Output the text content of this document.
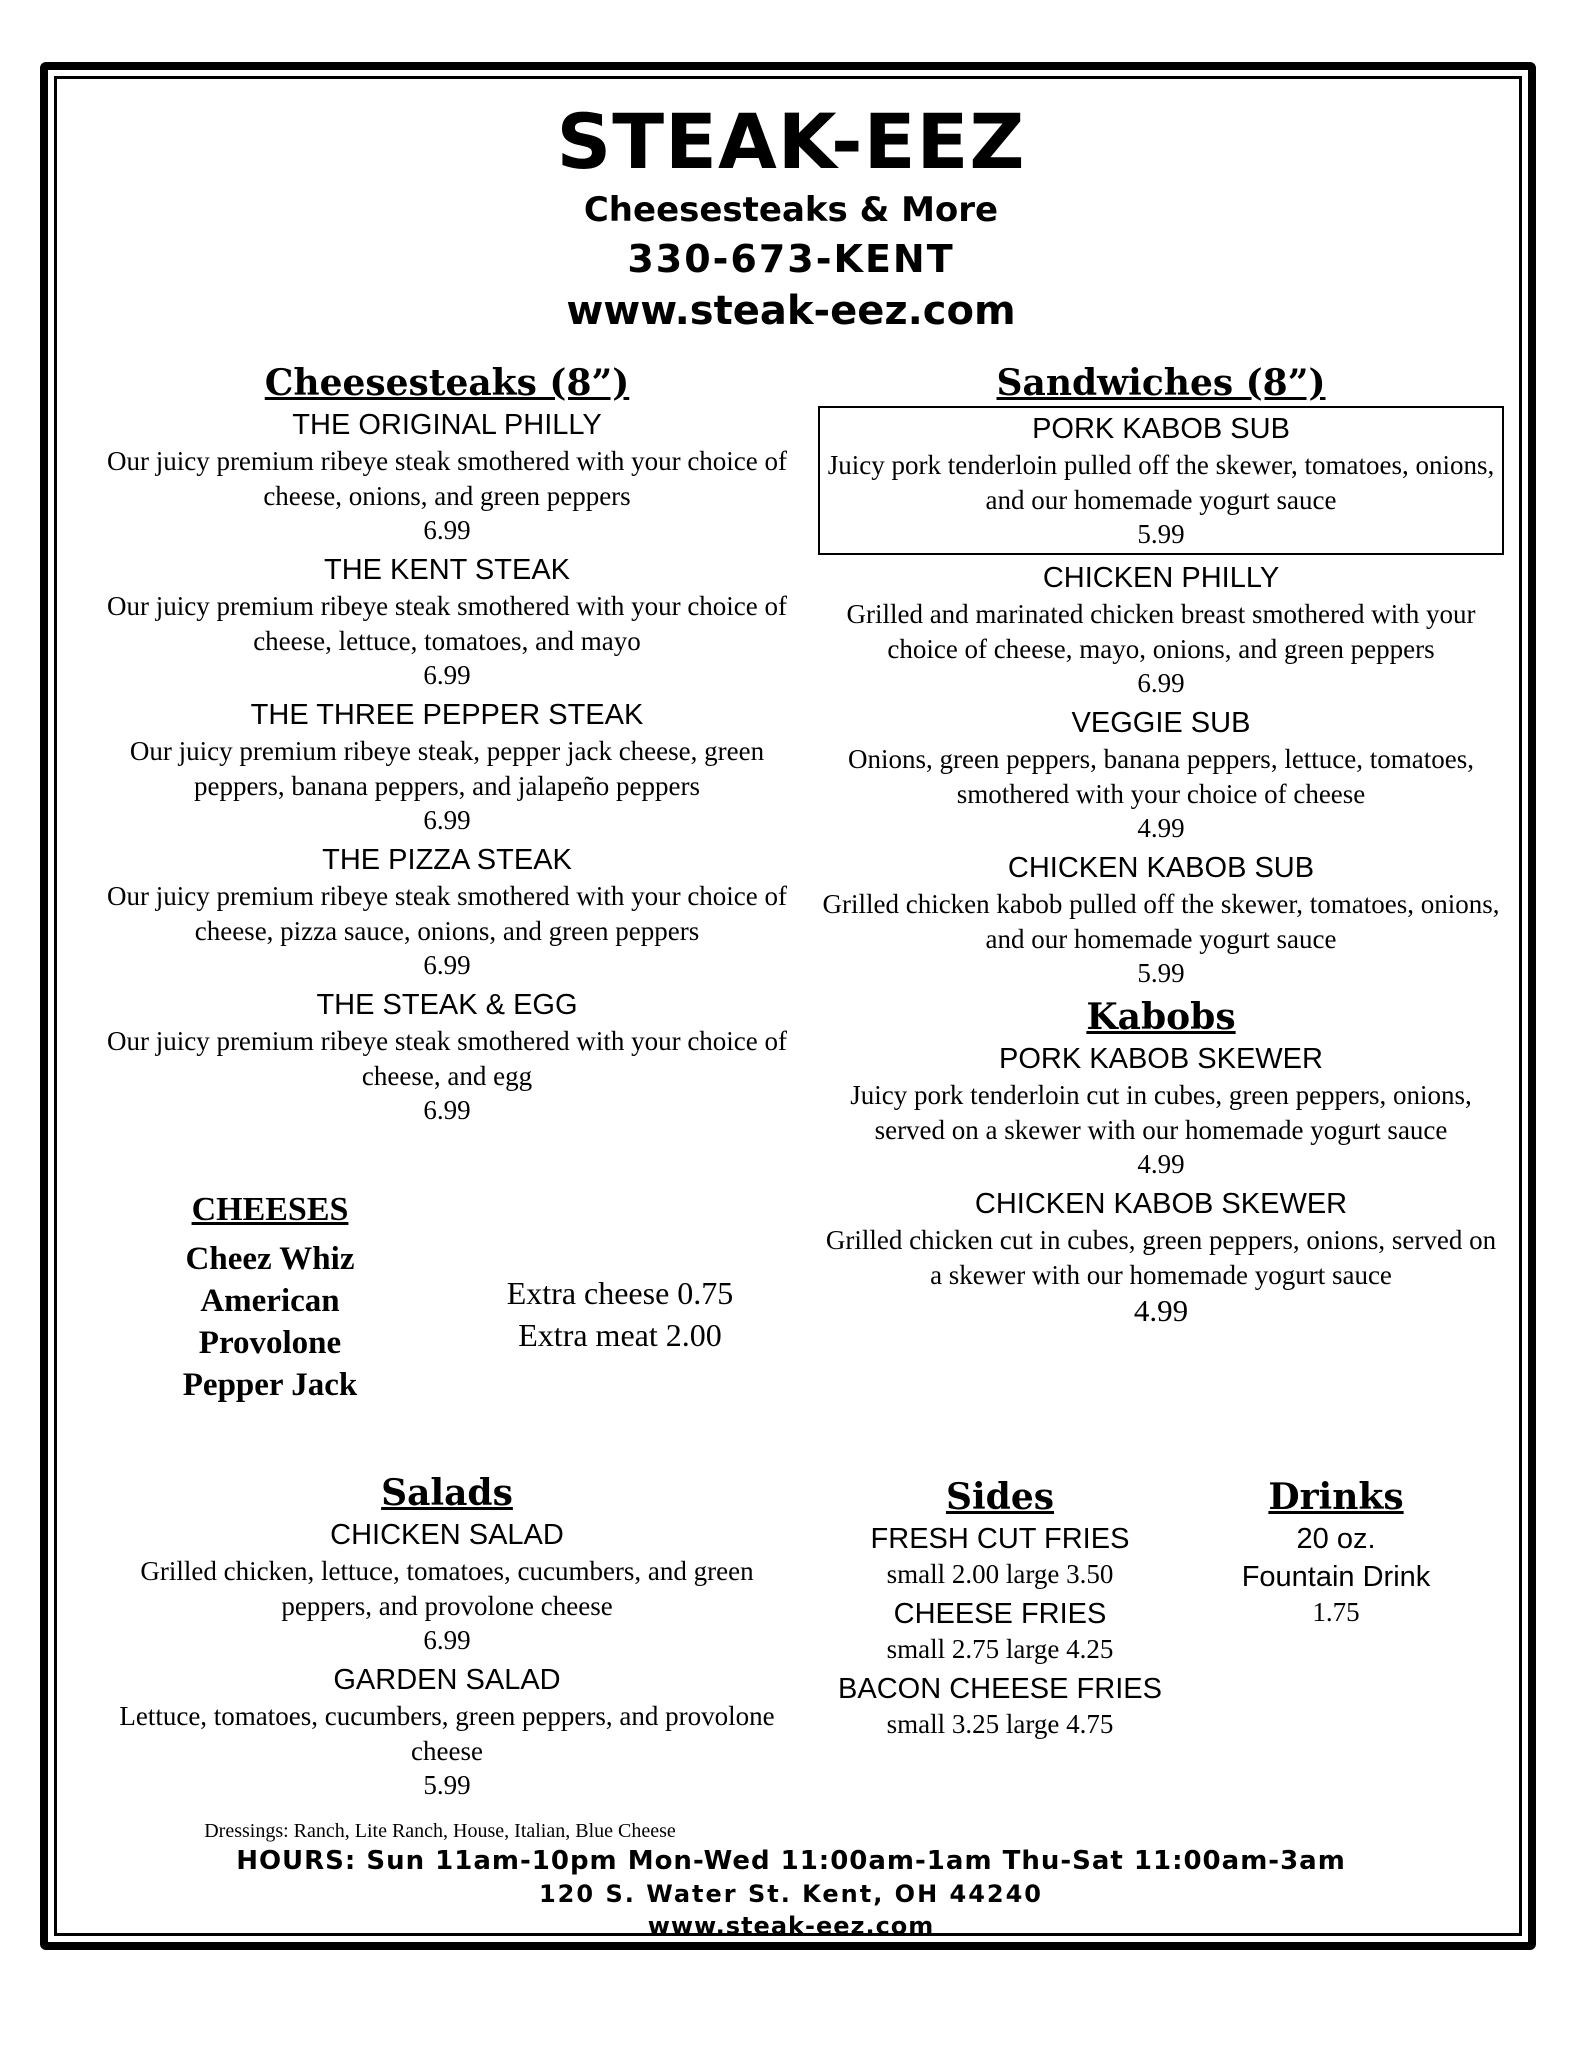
STEAK-EEZ
Cheesesteaks & More
330-673-KENT
www.steak-eez.com
Cheesesteaks (8”)
THE ORIGINAL PHILLY
Our juicy premium ribeye steak smothered with your choice of cheese, onions, and green peppers
6.99
THE KENT STEAK
Our juicy premium ribeye steak smothered with your choice of cheese, lettuce, tomatoes, and mayo
6.99
THE THREE PEPPER STEAK
Our juicy premium ribeye steak, pepper jack cheese, green peppers, banana peppers, and jalapeño peppers
6.99
THE PIZZA STEAK
Our juicy premium ribeye steak smothered with your choice of cheese, pizza sauce, onions, and green peppers
6.99
THE STEAK & EGG
Our juicy premium ribeye steak smothered with your choice of cheese, and egg
6.99
CHEESES
Cheez Whiz
American
Provolone
Pepper Jack
Extra cheese 0.75
Extra meat 2.00
Sandwiches (8”)
PORK KABOB SUB
Juicy pork tenderloin pulled off the skewer, tomatoes, onions, and our homemade yogurt sauce
5.99
CHICKEN PHILLY
Grilled and marinated chicken breast smothered with your choice of cheese, mayo, onions, and green peppers
6.99
VEGGIE SUB
Onions, green peppers, banana peppers, lettuce, tomatoes, smothered with your choice of cheese
4.99
CHICKEN KABOB SUB
Grilled chicken kabob pulled off the skewer, tomatoes, onions, and our homemade yogurt sauce
5.99
Kabobs
PORK KABOB SKEWER
Juicy pork tenderloin cut in cubes, green peppers, onions, served on a skewer with our homemade yogurt sauce
4.99
CHICKEN KABOB SKEWER
Grilled chicken cut in cubes, green peppers, onions, served on a skewer with our homemade yogurt sauce
4.99
Salads
CHICKEN SALAD
Grilled chicken, lettuce, tomatoes, cucumbers, and green peppers, and provolone cheese
6.99
GARDEN SALAD
Lettuce, tomatoes, cucumbers, green peppers, and provolone cheese
5.99
Sides
FRESH CUT FRIES
small 2.00 large 3.50
CHEESE FRIES
small 2.75 large 4.25
BACON CHEESE FRIES
small 3.25 large 4.75
Drinks
20 oz.
Fountain Drink
1.75
Dressings: Ranch, Lite Ranch, House, Italian, Blue Cheese
HOURS: Sun 11am-10pm Mon-Wed 11:00am-1am Thu-Sat 11:00am-3am
120 S. Water St. Kent, OH 44240
www.steak-eez.com
